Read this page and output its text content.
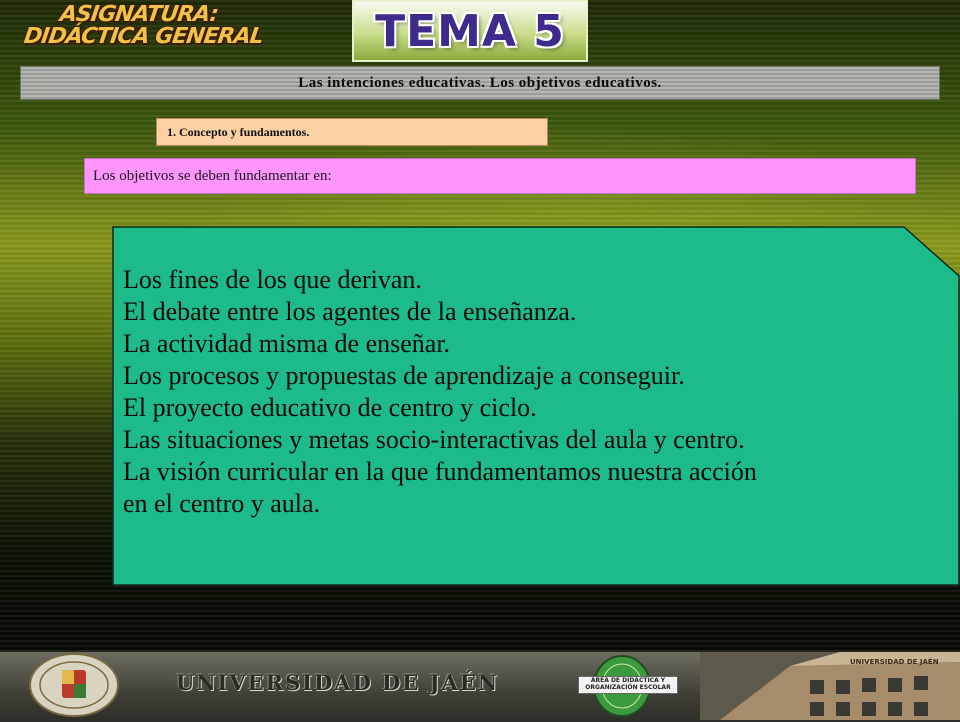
ASIGNATURA:
DIDÁCTICA GENERAL	TEMA 5
Las intenciones educativas. Los objetivos educativos.
1. Concepto y fundamentos.
Los objetivos se deben fundamentar en:
Los fines de los que derivan.
El debate entre los agentes de la enseñanza.
La actividad misma de enseñar.
Los procesos y propuestas de aprendizaje a conseguir.
El proyecto educativo de centro y ciclo.
Las situaciones y metas socio-interactivas del aula y centro.
La visión curricular en la que fundamentamos nuestra acción
en el centro y aula.
UNIVERSIDAD DE JAÉN	ÁREA DE DIDÁCTICA Y
ORGANIZACIÓN ESCOLAR
UNIVERSIDAD DE JAÉN
